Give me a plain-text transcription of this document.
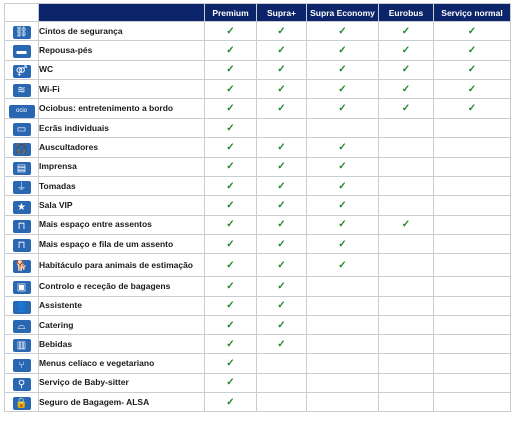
		Premium	Supra+	Supra Economy	Eurobus	Serviço normal
⛓	Cintos de segurança	✓	✓	✓	✓	✓
▬	Repousa-pés	✓	✓	✓	✓	✓
⚤	WC	✓	✓	✓	✓	✓
≋	Wi-Fi	✓	✓	✓	✓	✓
ocio	Ociobus: entretenimento a bordo	✓	✓	✓	✓	✓
▭	Ecrãs individuais	✓				
🎧	Auscultadores	✓	✓	✓		
▤	Imprensa	✓	✓	✓		
⏚	Tomadas	✓	✓	✓		
★	Sala VIP	✓	✓	✓		
⊓	Mais espaço entre assentos	✓	✓	✓	✓	
⊓	Mais espaço e fila de um assento	✓	✓	✓		
🐕	Habitáculo para animais de estimação	✓	✓	✓		
▣	Controlo e receção de bagagens	✓	✓			
👤	Assistente	✓	✓			
⌓	Catering	✓	✓			
▥	Bebidas	✓	✓			
⑂	Menus celíaco e vegetariano	✓				
⚲	Serviço de Baby-sitter	✓				
🔒	Seguro de Bagagem- ALSA	✓				
